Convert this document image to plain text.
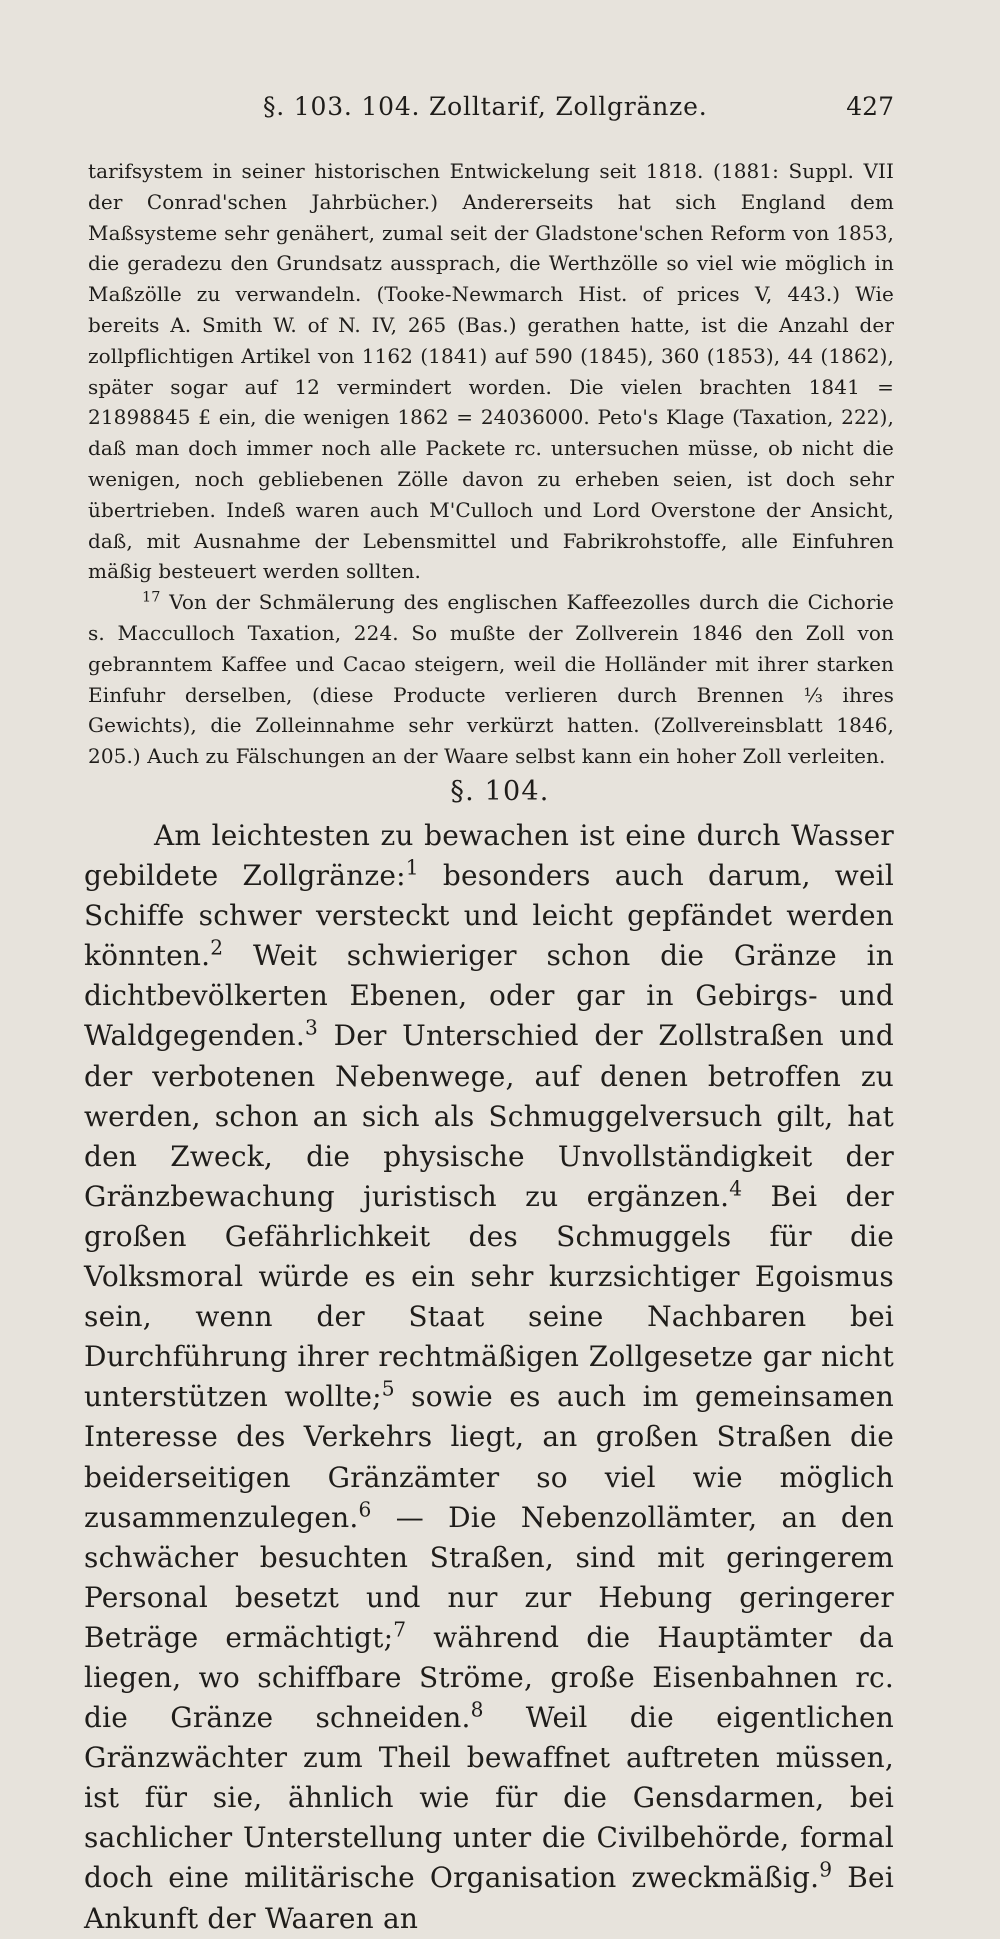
§. 103. 104. Zolltarif, Zollgränze.	427

tarifsystem in seiner historischen Entwickelung seit 1818. (1881: Suppl. VII der Conrad'schen Jahrbücher.) Andererseits hat sich England dem Maßsysteme sehr genähert, zumal seit der Gladstone'schen Reform von 1853, die geradezu den Grundsatz aussprach, die Werthzölle so viel wie möglich in Maßzölle zu verwandeln. (Tooke-Newmarch Hist. of prices V, 443.) Wie bereits A. Smith W. of N. IV, 265 (Bas.) gerathen hatte, ist die Anzahl der zollpflichtigen Artikel von 1162 (1841) auf 590 (1845), 360 (1853), 44 (1862), später sogar auf 12 vermindert worden. Die vielen brachten 1841 = 21898845 £ ein, die wenigen 1862 = 24036000. Peto's Klage (Taxation, 222), daß man doch immer noch alle Packete rc. untersuchen müsse, ob nicht die wenigen, noch gebliebenen Zölle davon zu erheben seien, ist doch sehr übertrieben. Indeß waren auch M'Culloch und Lord Overstone der Ansicht, daß, mit Ausnahme der Lebensmittel und Fabrikrohstoffe, alle Einfuhren mäßig besteuert werden sollten.

$^{17}$ Von der Schmälerung des englischen Kaffeezolles durch die Cichorie s. Macculloch Taxation, 224. So mußte der Zollverein 1846 den Zoll von gebranntem Kaffee und Cacao steigern, weil die Holländer mit ihrer starken Einfuhr derselben, (diese Producte verlieren durch Brennen ⅓ ihres Gewichts), die Zolleinnahme sehr verkürzt hatten. (Zollvereinsblatt 1846, 205.) Auch zu Fälschungen an der Waare selbst kann ein hoher Zoll verleiten.

§. 104.

Am leichtesten zu bewachen ist eine durch Wasser gebildete Zollgränze:$^1$ besonders auch darum, weil Schiffe schwer versteckt und leicht gepfändet werden könnten.$^2$ Weit schwieriger schon die Gränze in dichtbevölkerten Ebenen, oder gar in Gebirgs- und Waldgegenden.$^3$ Der Unterschied der Zollstraßen und der verbotenen Nebenwege, auf denen betroffen zu werden, schon an sich als Schmuggelversuch gilt, hat den Zweck, die physische Unvollständigkeit der Gränzbewachung juristisch zu ergänzen.$^4$ Bei der großen Gefährlichkeit des Schmuggels für die Volksmoral würde es ein sehr kurzsichtiger Egoismus sein, wenn der Staat seine Nachbaren bei Durchführung ihrer rechtmäßigen Zollgesetze gar nicht unterstützen wollte;$^5$ sowie es auch im gemeinsamen Interesse des Verkehrs liegt, an großen Straßen die beiderseitigen Gränzämter so viel wie möglich zusammenzulegen.$^6$ — Die Nebenzollämter, an den schwächer besuchten Straßen, sind mit geringerem Personal besetzt und nur zur Hebung geringerer Beträge ermächtigt;$^7$ während die Hauptämter da liegen, wo schiffbare Ströme, große Eisenbahnen rc. die Gränze schneiden.$^8$ Weil die eigentlichen Gränzwächter zum Theil bewaffnet auftreten müssen, ist für sie, ähnlich wie für die Gensdarmen, bei sachlicher Unterstellung unter die Civilbehörde, formal doch eine militärische Organisation zweckmäßig.$^9$ Bei Ankunft der Waaren an
